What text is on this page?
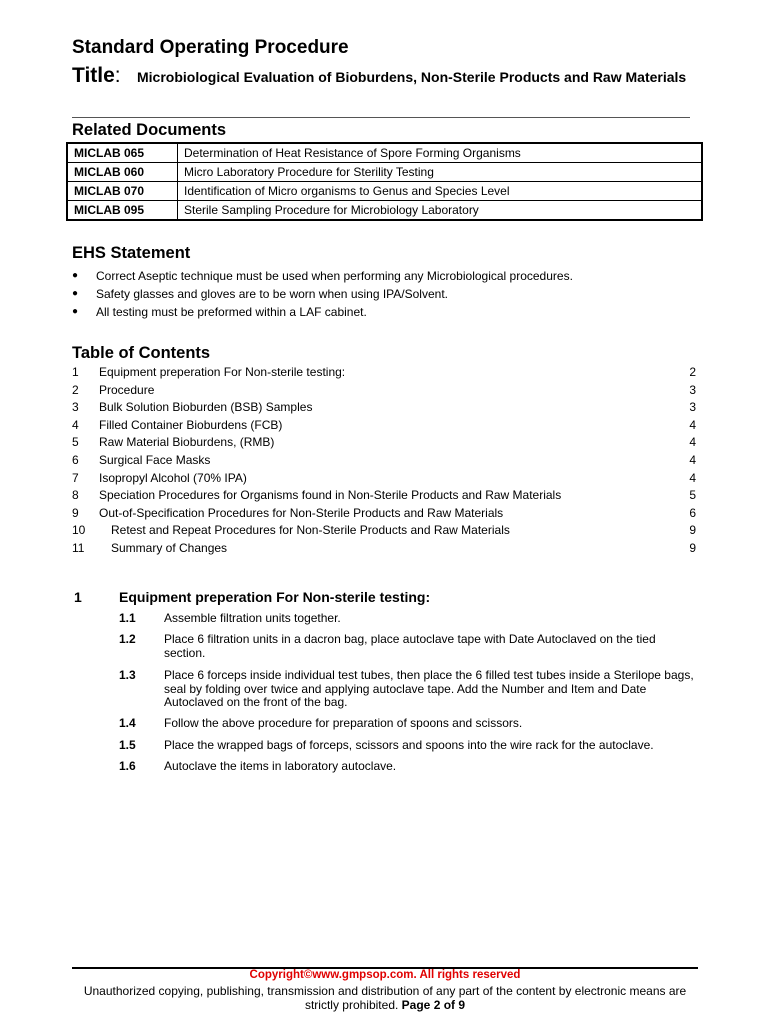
Standard Operating Procedure
Title: Microbiological Evaluation of Bioburdens, Non-Sterile Products and Raw Materials
Related Documents
MICLAB 065	Determination of Heat Resistance of Spore Forming Organisms
MICLAB 060	Micro Laboratory Procedure for Sterility Testing
MICLAB 070	Identification of Micro organisms to Genus and Species Level
MICLAB 095	Sterile Sampling Procedure for Microbiology Laboratory
EHS Statement
● Correct Aseptic technique must be used when performing any Microbiological procedures.
● Safety glasses and gloves are to be worn when using IPA/Solvent.
● All testing must be preformed within a LAF cabinet.
Table of Contents
1 Equipment preperation For Non-sterile testing:	2
2 Procedure	3
3 Bulk Solution Bioburden (BSB) Samples	3
4 Filled Container Bioburdens (FCB)	4
5 Raw Material Bioburdens, (RMB)	4
6 Surgical Face Masks	4
7 Isopropyl Alcohol (70% IPA)	4
8 Speciation Procedures for Organisms found in Non-Sterile Products and Raw Materials	5
9 Out-of-Specification Procedures for Non-Sterile Products and Raw Materials	6
10 Retest and Repeat Procedures for Non-Sterile Products and Raw Materials	9
11 Summary of Changes	9
1	Equipment preperation For Non-sterile testing:
1.1 Assemble filtration units together.
1.2 Place 6 filtration units in a dacron bag, place autoclave tape with Date Autoclaved on the tied section.
1.3 Place 6 forceps inside individual test tubes, then place the 6 filled test tubes inside a Sterilope bags, seal by folding over twice and applying autoclave tape. Add the Number and Item and Date Autoclaved on the front of the bag.
1.4 Follow the above procedure for preparation of spoons and scissors.
1.5 Place the wrapped bags of forceps, scissors and spoons into the wire rack for the autoclave.
1.6 Autoclave the items in laboratory autoclave.
Copyright©www.gmpsop.com. All rights reserved
Unauthorized copying, publishing, transmission and distribution of any part of the content by electronic means are strictly prohibited. Page 2 of 9
